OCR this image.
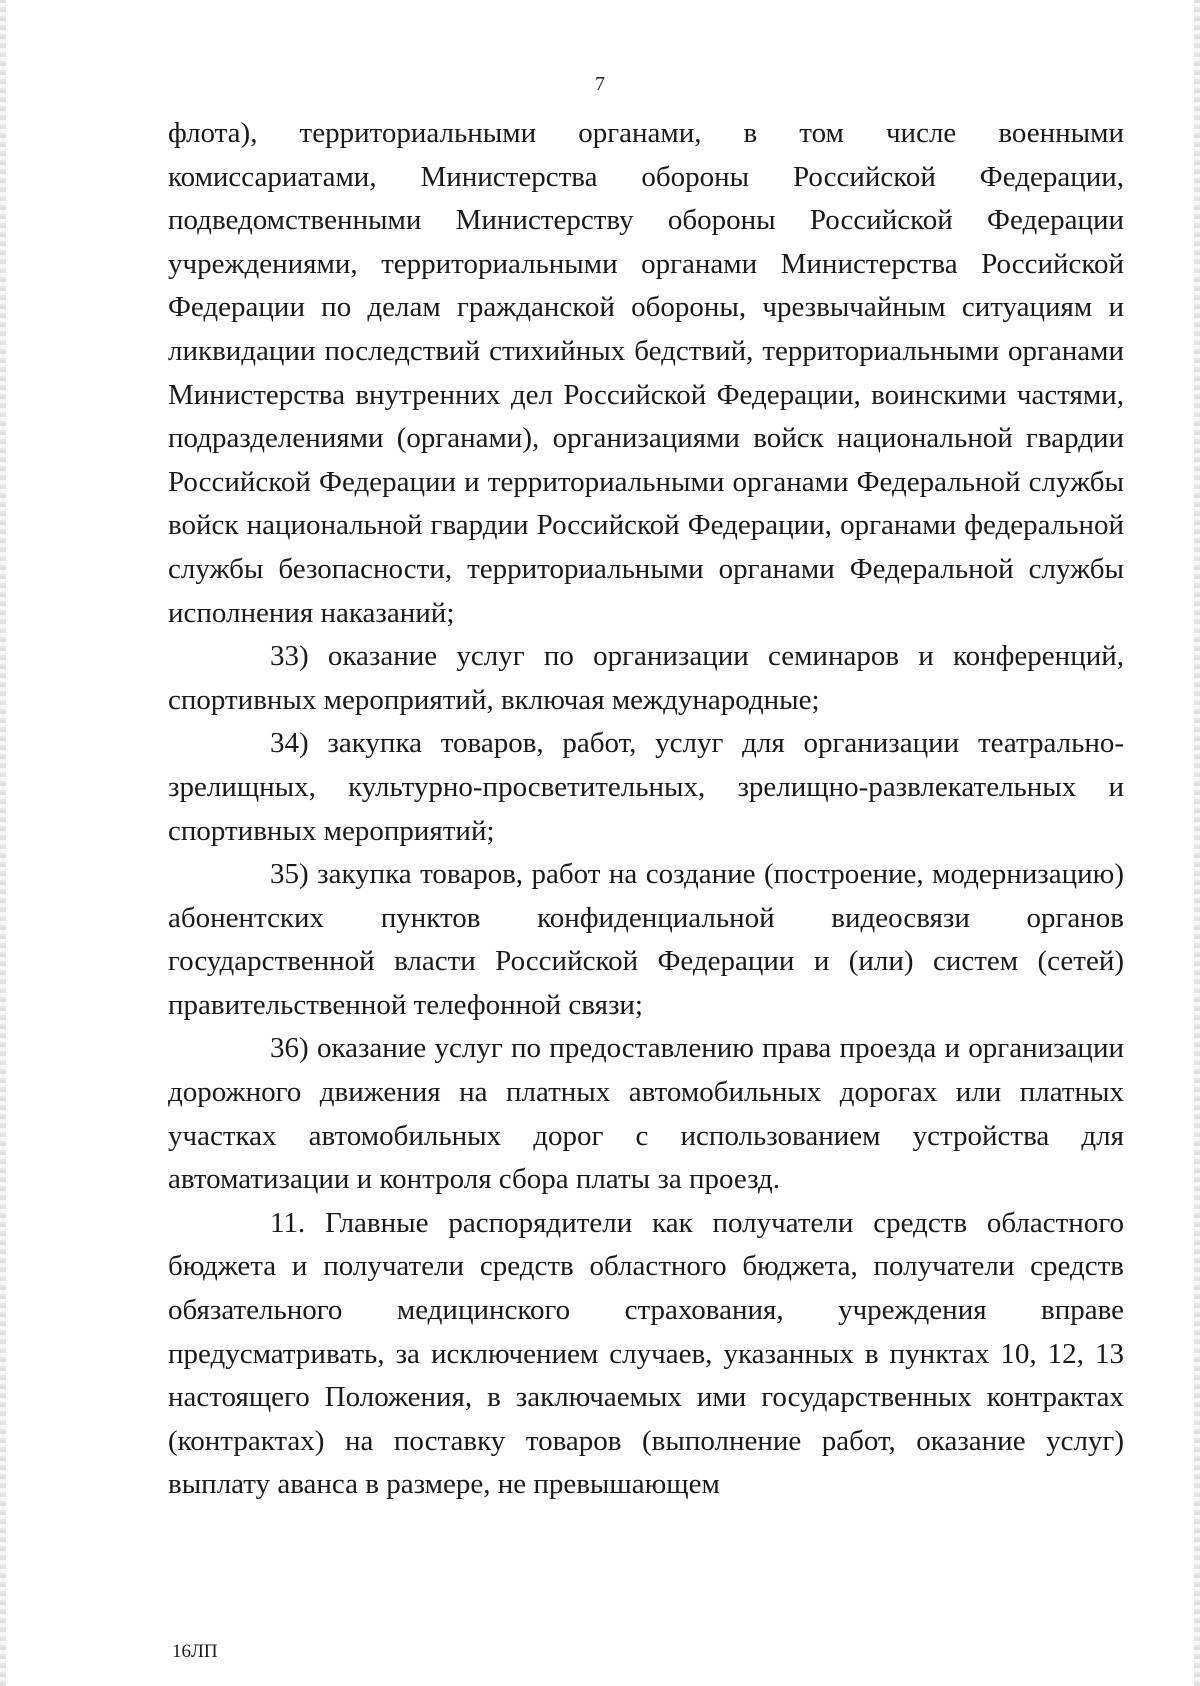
7

флота), территориальными органами, в том числе военными комиссариатами, Министерства обороны Российской Федерации, подведомственными Министерству обороны Российской Федерации учреждениями, территориальными органами Министерства Российской Федерации по делам гражданской обороны, чрезвычайным ситуациям и ликвидации последствий стихийных бедствий, территориальными органами Министерства внутренних дел Российской Федерации, воинскими частями, подразделениями (органами), организациями войск национальной гвардии Российской Федерации и территориальными органами Федеральной службы войск национальной гвардии Российской Федерации, органами федеральной службы безопасности, территориальными органами Федеральной службы исполнения наказаний;

33) оказание услуг по организации семинаров и конференций, спортивных мероприятий, включая международные;

34) закупка товаров, работ, услуг для организации театрально-зрелищных, культурно-просветительных, зрелищно-развлекательных и спортивных мероприятий;

35) закупка товаров, работ на создание (построение, модернизацию) абонентских пунктов конфиденциальной видеосвязи органов государственной власти Российской Федерации и (или) систем (сетей) правительственной телефонной связи;

36) оказание услуг по предоставлению права проезда и организации дорожного движения на платных автомобильных дорогах или платных участках автомобильных дорог с использованием устройства для автоматизации и контроля сбора платы за проезд.

11. Главные распорядители как получатели средств областного бюджета и получатели средств областного бюджета, получатели средств обязательного медицинского страхования, учреждения вправе предусматривать, за исключением случаев, указанных в пунктах 10, 12, 13 настоящего Положения, в заключаемых ими государственных контрактах (контрактах) на поставку товаров (выполнение работ, оказание услуг) выплату аванса в размере, не превышающем

16ЛП
